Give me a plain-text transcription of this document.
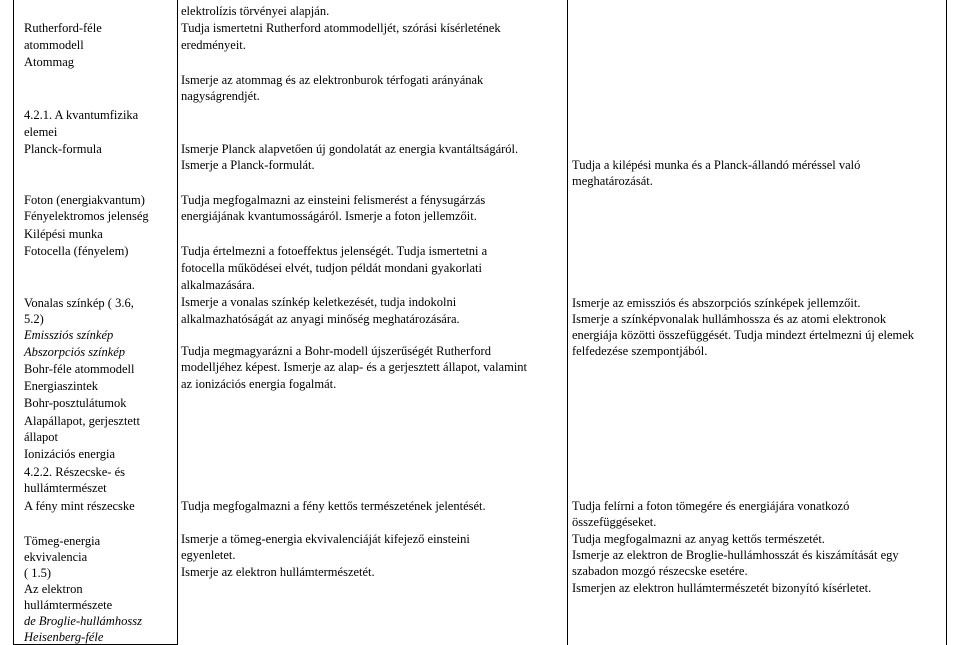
Rutherford-féle
atommodell
Atommag
4.2.1. A kvantumfizika
elemei
Planck-formula
Foton (energiakvantum)
Fényelektromos jelenség
Kilépési munka
Fotocella (fényelem)
Vonalas színkép ( 3.6,
5.2)
Emissziós színkép
Abszorpciós színkép
Bohr-féle atommodell
Energiaszintek
Bohr-posztulátumok
Alapállapot, gerjesztett
állapot
Ionizációs energia
4.2.2. Részecske- és
hullámtermészet
A fény mint részecske
Tömeg-energia
ekvivalencia
( 1.5)
Az elektron
hullámtermészete
de Broglie-hullámhossz
Heisenberg-féle
elektrolízis törvényei alapján.
Tudja ismertetni Rutherford atommodelljét, szórási kísérletének
eredményeit.
Ismerje az atommag és az elektronburok térfogati arányának
nagyságrendjét.
Ismerje Planck alapvetően új gondolatát az energia kvantáltságáról.
Ismerje a Planck-formulát.
Tudja megfogalmazni az einsteini felismerést a fénysugárzás
energiájának kvantumosságáról. Ismerje a foton jellemzőit.
Tudja értelmezni a fotoeffektus jelenségét. Tudja ismertetni a
fotocella működései elvét, tudjon példát mondani gyakorlati
alkalmazására.
Ismerje a vonalas színkép keletkezését, tudja indokolni
alkalmazhatóságát az anyagi minőség meghatározására.
Tudja megmagyarázni a Bohr-modell újszerűségét Rutherford
modelljéhez képest. Ismerje az alap- és a gerjesztett állapot, valamint
az ionizációs energia fogalmát.
Tudja megfogalmazni a fény kettős természetének jelentését.
Ismerje a tömeg-energia ekvivalenciáját kifejező einsteini
egyenletet.
Ismerje az elektron hullámtermészetét.
Tudja a kilépési munka és a Planck-állandó méréssel való
meghatározását.
Ismerje az emissziós és abszorpciós színképek jellemzőit.
Ismerje a színképvonalak hullámhossza és az atomi elektronok
energiája közötti összefüggését. Tudja mindezt értelmezni új elemek
felfedezése szempontjából.
Tudja felírni a foton tömegére és energiájára vonatkozó
összefüggéseket.
Tudja megfogalmazni az anyag kettős természetét.
Ismerje az elektron de Broglie-hullámhosszát és kiszámítását egy
szabadon mozgó részecske esetére.
Ismerjen az elektron hullámtermészetét bizonyító kísérletet.
